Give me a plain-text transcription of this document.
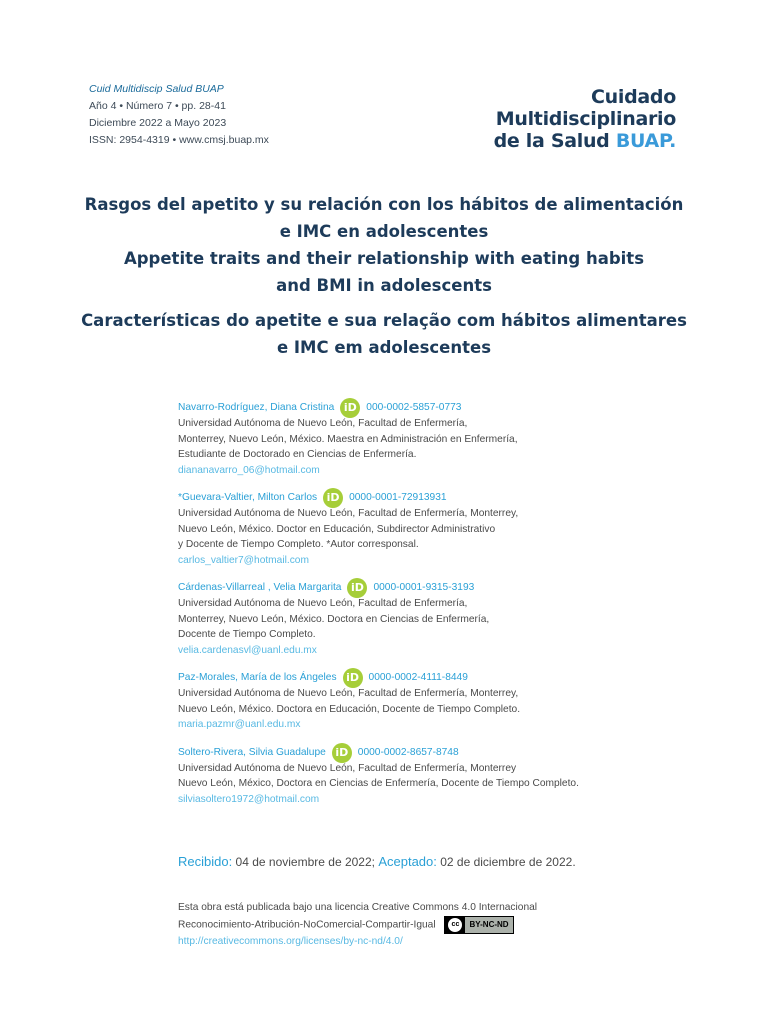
Cuid Multidiscip Salud BUAP
Año 4 • Número 7 • pp. 28-41
Diciembre 2022 a Mayo 2023
ISSN: 2954-4319 • www.cmsj.buap.mx
Cuidado
Multidisciplinario
de la Salud BUAP.
Rasgos del apetito y su relación con los hábitos de alimentación
e IMC en adolescentes
Appetite traits and their relationship with eating habits
and BMI in adolescents
Características do apetite e sua relação com hábitos alimentares
e IMC em adolescentes
Navarro-Rodríguez, Diana Cristina iD 000-0002-5857-0773
Universidad Autónoma de Nuevo León, Facultad de Enfermería,
Monterrey, Nuevo León, México. Maestra en Administración en Enfermería,
Estudiante de Doctorado en Ciencias de Enfermería.
diananavarro_06@hotmail.com
*Guevara-Valtier, Milton Carlos iD 0000-0001-72913931
Universidad Autónoma de Nuevo León, Facultad de Enfermería, Monterrey,
Nuevo León, México. Doctor en Educación, Subdirector Administrativo
y Docente de Tiempo Completo. *Autor corresponsal.
carlos_valtier7@hotmail.com
Cárdenas-Villarreal , Velia Margarita iD 0000-0001-9315-3193
Universidad Autónoma de Nuevo León, Facultad de Enfermería,
Monterrey, Nuevo León, México. Doctora en Ciencias de Enfermería,
Docente de Tiempo Completo.
velia.cardenasvl@uanl.edu.mx
Paz-Morales, María de los Ángeles iD 0000-0002-4111-8449
Universidad Autónoma de Nuevo León, Facultad de Enfermería, Monterrey,
Nuevo León, México. Doctora en Educación, Docente de Tiempo Completo.
maria.pazmr@uanl.edu.mx
Soltero-Rivera, Silvia Guadalupe iD 0000-0002-8657-8748
Universidad Autónoma de Nuevo León, Facultad de Enfermería, Monterrey
Nuevo León, México, Doctora en Ciencias de Enfermería, Docente de Tiempo Completo.
silviasoltero1972@hotmail.com
Recibido: 04 de noviembre de 2022; Aceptado: 02 de diciembre de 2022.
Esta obra está publicada bajo una licencia Creative Commons 4.0 Internacional
Reconocimiento-Atribución-NoComercial-Compartir-Igual	cc	BY-NC-ND
http://creativecommons.org/licenses/by-nc-nd/4.0/
